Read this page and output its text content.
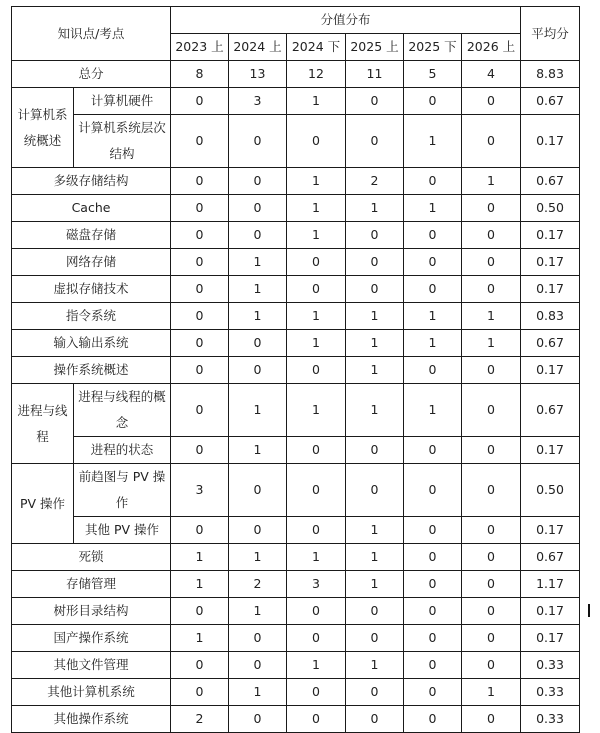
知识点/考点		分值分布						平均分
		2023 上	2024 上	2024 下	2025 上	2025 下	2026 上	
总分		8	13	12	11	5	4	8.83

计算机系统概述	计算机硬件	0	3	1	0	0	0	0.67

	计算机系统层次结构	0	0	0	0	1	0	0.17
多级存储结构		0	0	1	2	0	1	0.67
Cache		0	0	1	1	1	0	0.50
磁盘存储		0	0	1	0	0	0	0.17
网络存储		0	1	0	0	0	0	0.17
虚拟存储技术		0	1	0	0	0	0	0.17
指令系统		0	1	1	1	1	1	0.83
输入输出系统		0	0	1	1	1	1	0.67
操作系统概述		0	0	0	1	0	0	0.17

进程与线程	进程与线程的概念	0	1	1	1	1	0	0.67
	进程的状态	0	1	0	0	0	0	0.17
PV 操作	前趋图与 PV 操作	3	0	0	0	0	0	0.50
	其他 PV 操作	0	0	0	1	0	0	0.17
死锁		1	1	1	1	0	0	0.67
存储管理		1	2	3	1	0	0	1.17
树形目录结构		0	1	0	0	0	0	0.17
国产操作系统		1	0	0	0	0	0	0.17
其他文件管理		0	0	1	1	0	0	0.33
其他计算机系统		0	1	0	0	0	1	0.33
其他操作系统		2	0	0	0	0	0	0.33
